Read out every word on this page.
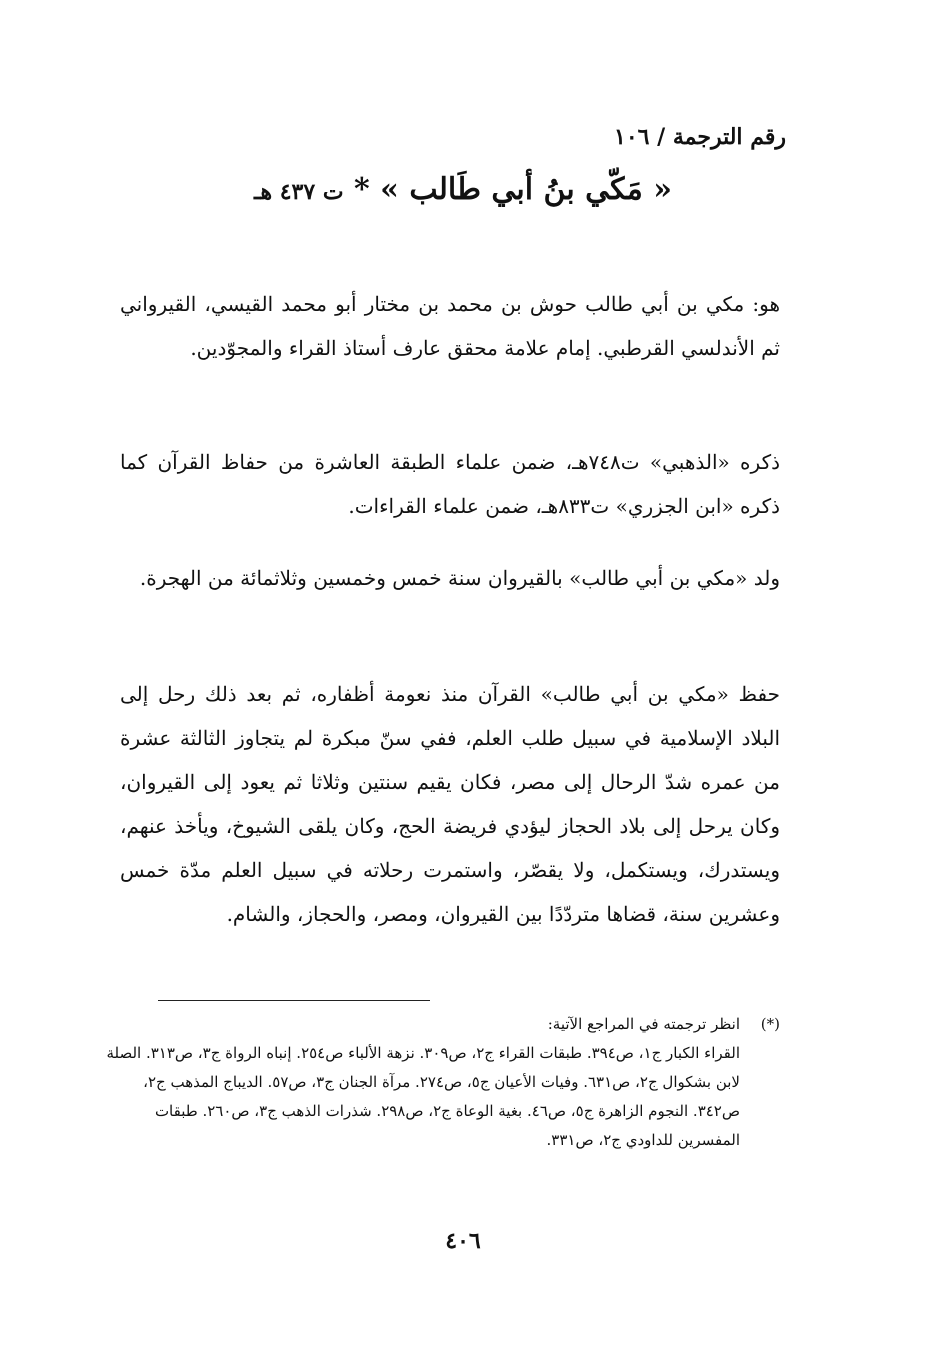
رقم الترجمة / ١٠٦
« مَكّي بنُ أبي طَالب » * ت ٤٣٧ هـ

هو: مكي بن أبي طالب حوش بن محمد بن مختار أبو محمد القيسي، القيرواني ثم الأندلسي القرطبي. إمام علامة محقق عارف أستاذ القراء والمجوّدين.

ذكره «الذهبي» ت٧٤٨هـ، ضمن علماء الطبقة العاشرة من حفاظ القرآن كما ذكره «ابن الجزري» ت٨٣٣هـ، ضمن علماء القراءات.

ولد «مكي بن أبي طالب» بالقيروان سنة خمس وخمسين وثلاثمائة من الهجرة.

حفظ «مكي بن أبي طالب» القرآن منذ نعومة أظفاره، ثم بعد ذلك رحل إلى البلاد الإسلامية في سبيل طلب العلم، ففي سنّ مبكرة لم يتجاوز الثالثة عشرة من عمره شدّ الرحال إلى مصر، فكان يقيم سنتين وثلاثا ثم يعود إلى القيروان، وكان يرحل إلى بلاد الحجاز ليؤدي فريضة الحج، وكان يلقى الشيوخ، ويأخذ عنهم، ويستدرك، ويستكمل، ولا يقصّر، واستمرت رحلاته في سبيل العلم مدّة خمس وعشرين سنة، قضاها متردّدًا بين القيروان، ومصر، والحجاز، والشام.

(*)
انظر ترجمته في المراجع الآتية:
القراء الكبار ج١، ص٣٩٤. طبقات القراء ج٢، ص٣٠٩. نزهة الألباء ص٢٥٤. إنباه الرواة ج٣، ص٣١٣. الصلة لابن بشكوال ج٢، ص٦٣١. وفيات الأعيان ج٥، ص٢٧٤. مرآة الجنان ج٣، ص٥٧. الديباج المذهب ج٢، ص٣٤٢. النجوم الزاهرة ج٥، ص٤٦. بغية الوعاة ج٢، ص٢٩٨. شذرات الذهب ج٣، ص٢٦٠. طبقات المفسرين للداودي ج٢، ص٣٣١.
٤٠٦
